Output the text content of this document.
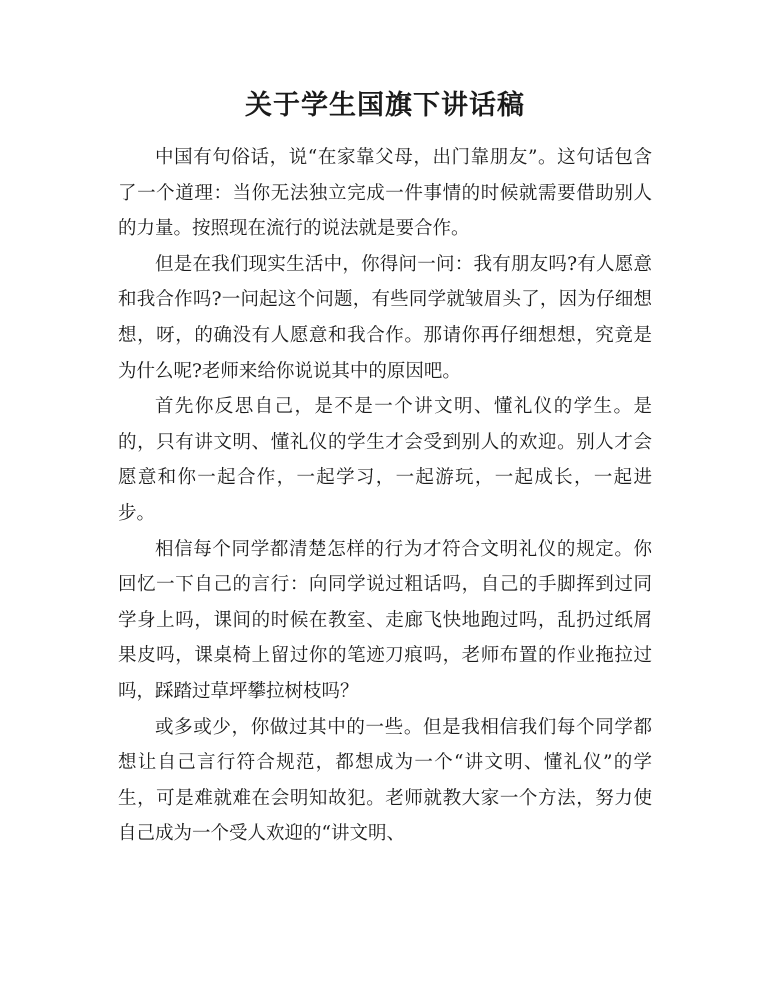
关于学生国旗下讲话稿

中国有句俗话，说“在家靠父母，出门靠朋友”。这句话包含了一个道理：当你无法独立完成一件事情的时候就需要借助别人的力量。按照现在流行的说法就是要合作。

但是在我们现实生活中，你得问一问：我有朋友吗?有人愿意和我合作吗?一问起这个问题，有些同学就皱眉头了，因为仔细想想，呀，的确没有人愿意和我合作。那请你再仔细想想，究竟是为什么呢?老师来给你说说其中的原因吧。

首先你反思自己，是不是一个讲文明、懂礼仪的学生。是的，只有讲文明、懂礼仪的学生才会受到别人的欢迎。别人才会愿意和你一起合作，一起学习，一起游玩，一起成长，一起进步。

相信每个同学都清楚怎样的行为才符合文明礼仪的规定。你回忆一下自己的言行：向同学说过粗话吗，自己的手脚挥到过同学身上吗，课间的时候在教室、走廊飞快地跑过吗，乱扔过纸屑果皮吗，课桌椅上留过你的笔迹刀痕吗，老师布置的作业拖拉过吗，踩踏过草坪攀拉树枝吗？

或多或少，你做过其中的一些。但是我相信我们每个同学都想让自己言行符合规范，都想成为一个“讲文明、懂礼仪”的学生，可是难就难在会明知故犯。老师就教大家一个方法，努力使自己成为一个受人欢迎的“讲文明、
